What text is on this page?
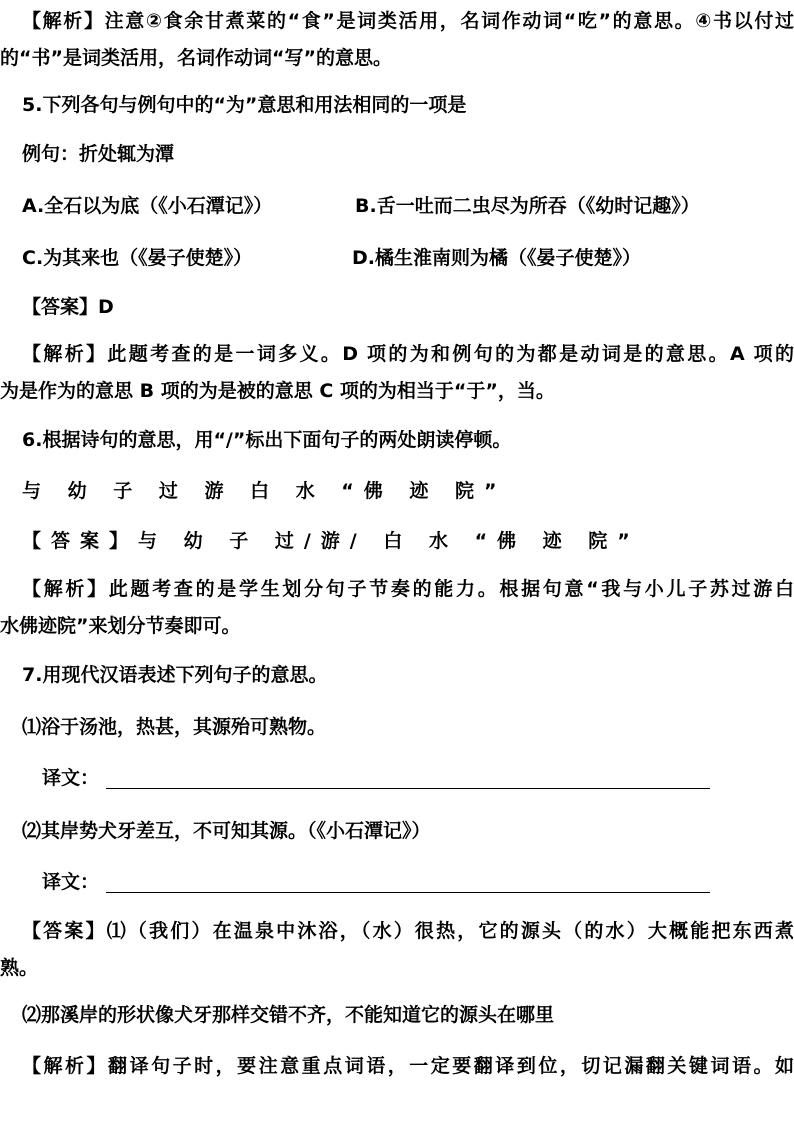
【解析】注意②食余甘煮菜的“食”是词类活用，名词作动词“吃”的意思。④书以付过
的“书”是词类活用，名词作动词“写”的意思。
5.下列各句与例句中的“为”意思和用法相同的一项是
例句：折处辄为潭
A.全石以为底（《小石潭记》）	B.舌一吐而二虫尽为所吞（《幼时记趣》）
C.为其来也（《晏子使楚》）	D.橘生淮南则为橘（《晏子使楚》）
【答案】D
【解析】此题考查的是一词多义。D 项的为和例句的为都是动词是的意思。A 项的
为是作为的意思 B 项的为是被的意思 C 项的为相当于“于”，当。
6.根据诗句的意思，用“/”标出下面句子的两处朗读停顿。
与 幼 子 过 游 白 水 “佛 迹 院”
【答案】与 幼 子 过/游/ 白 水 “佛 迹 院”
【解析】此题考查的是学生划分句子节奏的能力。根据句意“我与小儿子苏过游白
水佛迹院”来划分节奏即可。
7.用现代汉语表述下列句子的意思。
⑴浴于汤池，热甚，其源殆可熟物。
译文：
⑵其岸势犬牙差互，不可知其源。（《小石潭记》）
译文：
【答案】⑴（我们）在温泉中沐浴，（水）很热，它的源头（的水）大概能把东西煮
熟。
⑵那溪岸的形状像犬牙那样交错不齐，不能知道它的源头在哪里
【解析】翻译句子时，要注意重点词语，一定要翻译到位，切记漏翻关键词语。如
